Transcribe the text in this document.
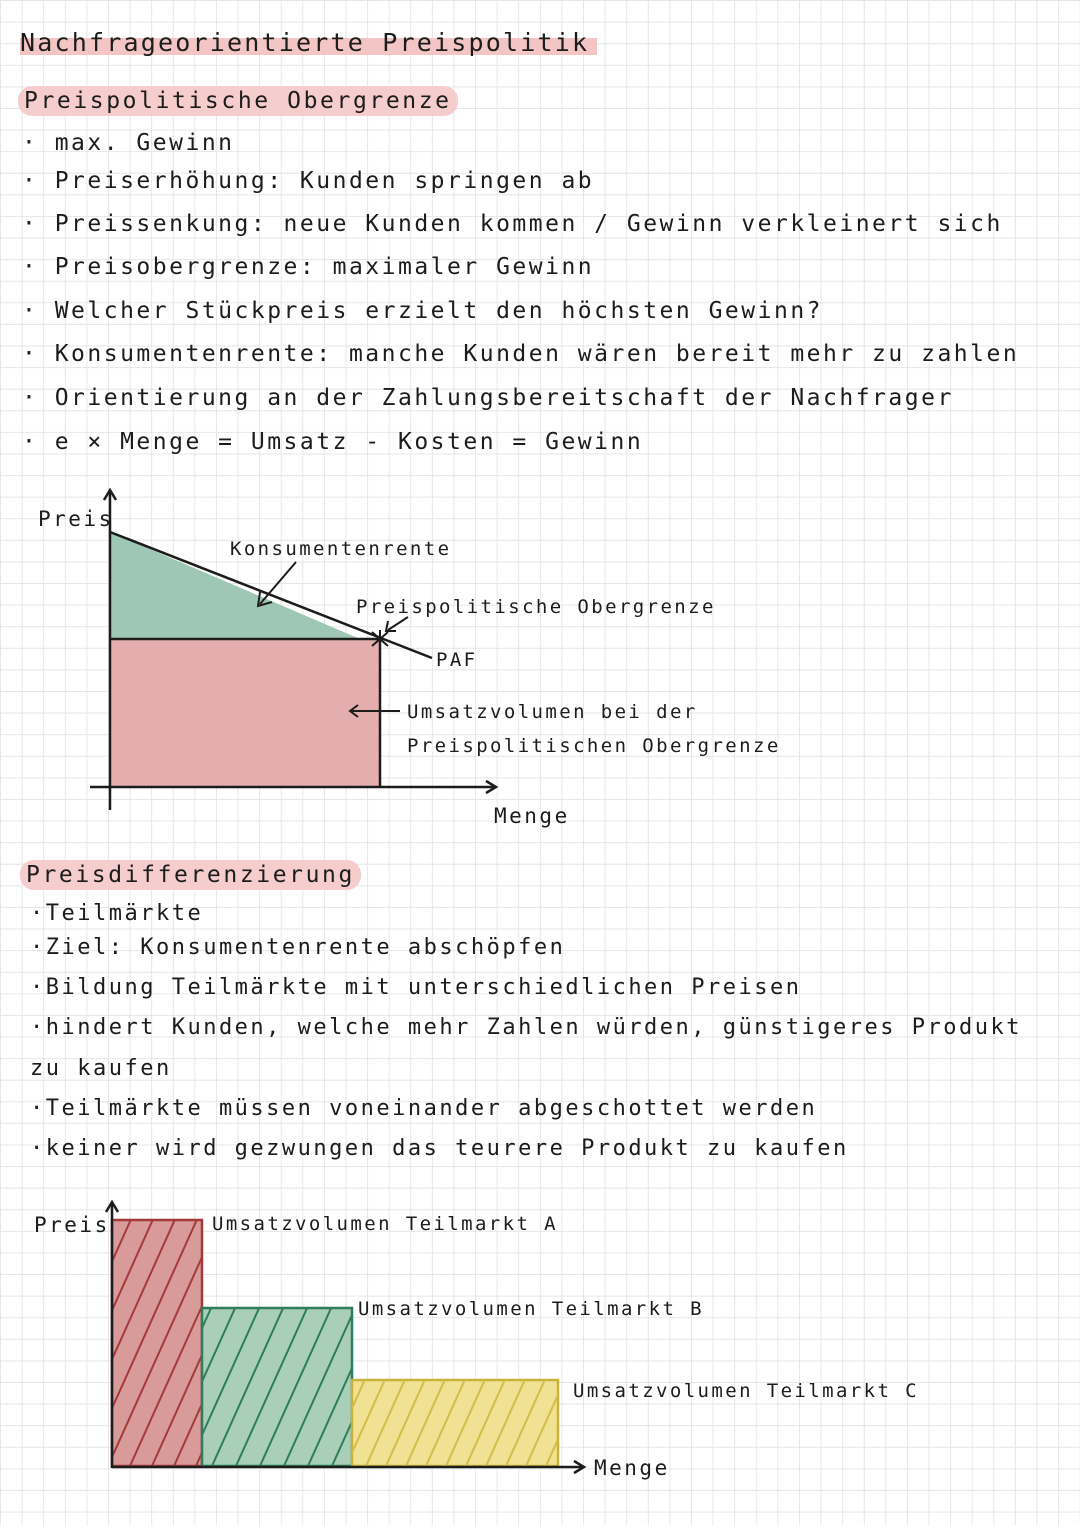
Nachfrageorientierte Preispolitik
Preispolitische Obergrenze
· max. Gewinn
· Preiserhöhung: Kunden springen ab
· Preissenkung: neue Kunden kommen / Gewinn verkleinert sich
· Preisobergrenze: maximaler Gewinn
· Welcher Stückpreis erzielt den höchsten Gewinn?
· Konsumentenrente: manche Kunden wären bereit mehr zu zahlen
· Orientierung an der Zahlungsbereitschaft der Nachfrager
· e × Menge = Umsatz - Kosten = Gewinn
Preis
Konsumentenrente
Preispolitische Obergrenze
PAF
Umsatzvolumen bei der
Preispolitischen Obergrenze
Menge
Preisdifferenzierung
·Teilmärkte
·Ziel: Konsumentenrente abschöpfen
·Bildung Teilmärkte mit unterschiedlichen Preisen
·hindert Kunden, welche mehr Zahlen würden, günstigeres Produkt
zu kaufen
·Teilmärkte müssen voneinander abgeschottet werden
·keiner wird gezwungen das teurere Produkt zu kaufen
Preis	Umsatzvolumen Teilmarkt A
Umsatzvolumen Teilmarkt B
Umsatzvolumen Teilmarkt C
Menge
